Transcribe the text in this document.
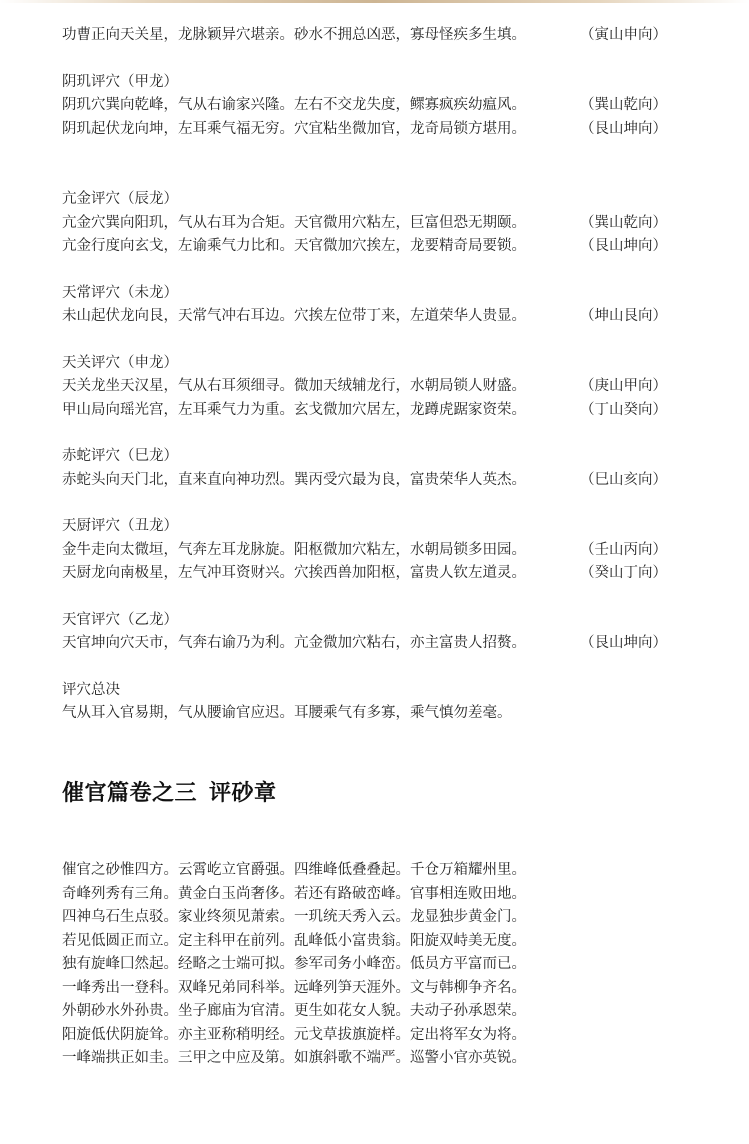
功曹正向天关星，龙脉颖异穴堪亲。砂水不拥总凶恶，寡母怪疾多生填。	（寅山申向）
阴玑评穴（甲龙）
阴玑穴巽向乾峰，气从右谕家兴隆。左右不交龙失度，鳏寡疯疾幼瘟风。	（巽山乾向）
阴玑起伏龙向坤，左耳乘气福无穷。穴宜粘坐微加官，龙奇局锁方堪用。	（艮山坤向）
亢金评穴（辰龙）
亢金穴巽向阳玑，气从右耳为合矩。天官微用穴粘左，巨富但恐无期颐。	（巽山乾向）
亢金行度向玄戈，左谕乘气力比和。天官微加穴挨左，龙要精奇局要锁。	（艮山坤向）
天常评穴（未龙）
未山起伏龙向艮，天常气冲右耳边。穴挨左位带丁来，左道荣华人贵显。	（坤山艮向）
天关评穴（申龙）
天关龙坐天汉星，气从右耳须细寻。微加天绒辅龙行，水朝局锁人财盛。	（庚山甲向）
甲山局向瑶光宫，左耳乘气力为重。玄戈微加穴居左，龙蹲虎踞家资荣。	（丁山癸向）
赤蛇评穴（巳龙）
赤蛇头向天门北，直来直向神功烈。巽丙受穴最为良，富贵荣华人英杰。	（巳山亥向）
天厨评穴（丑龙）
金牛走向太微垣，气奔左耳龙脉旋。阳枢微加穴粘左，水朝局锁多田园。	（壬山丙向）
天厨龙向南极星，左气冲耳资财兴。穴挨西兽加阳枢，富贵人钦左道灵。	（癸山丁向）
天官评穴（乙龙）
天官坤向穴天市，气奔右谕乃为利。亢金微加穴粘右，亦主富贵人招赘。	（艮山坤向）
评穴总决
气从耳入官易期，气从腰谕官应迟。耳腰乘气有多寡，乘气慎勿差毫。
催官篇卷之三 评砂章
催官之砂惟四方。云霄屹立官爵强。四维峰低叠叠起。千仓万箱耀州里。
奇峰列秀有三角。黄金白玉尚奢侈。若还有路破峦峰。官事相连败田地。
四神乌石生点驳。家业终须见萧索。一玑统天秀入云。龙显独步黄金门。
若见低圆正而立。定主科甲在前列。乱峰低小富贵翁。阳旋双峙美无度。
独有旋峰囗然起。经略之士端可拟。参军司务小峰峦。低员方平富而已。
一峰秀出一登科。双峰兄弟同科举。远峰列笋天涯外。文与韩柳争齐名。
外朝砂水外孙贵。坐子廊庙为官清。更生如花女人貌。夫动子孙承恩荣。
阳旋低伏阴旋耸。亦主亚称稍明经。元戈草拔旗旋样。定出将军女为将。
一峰端拱正如圭。三甲之中应及第。如旗斜歌不端严。巡警小官亦英锐。
